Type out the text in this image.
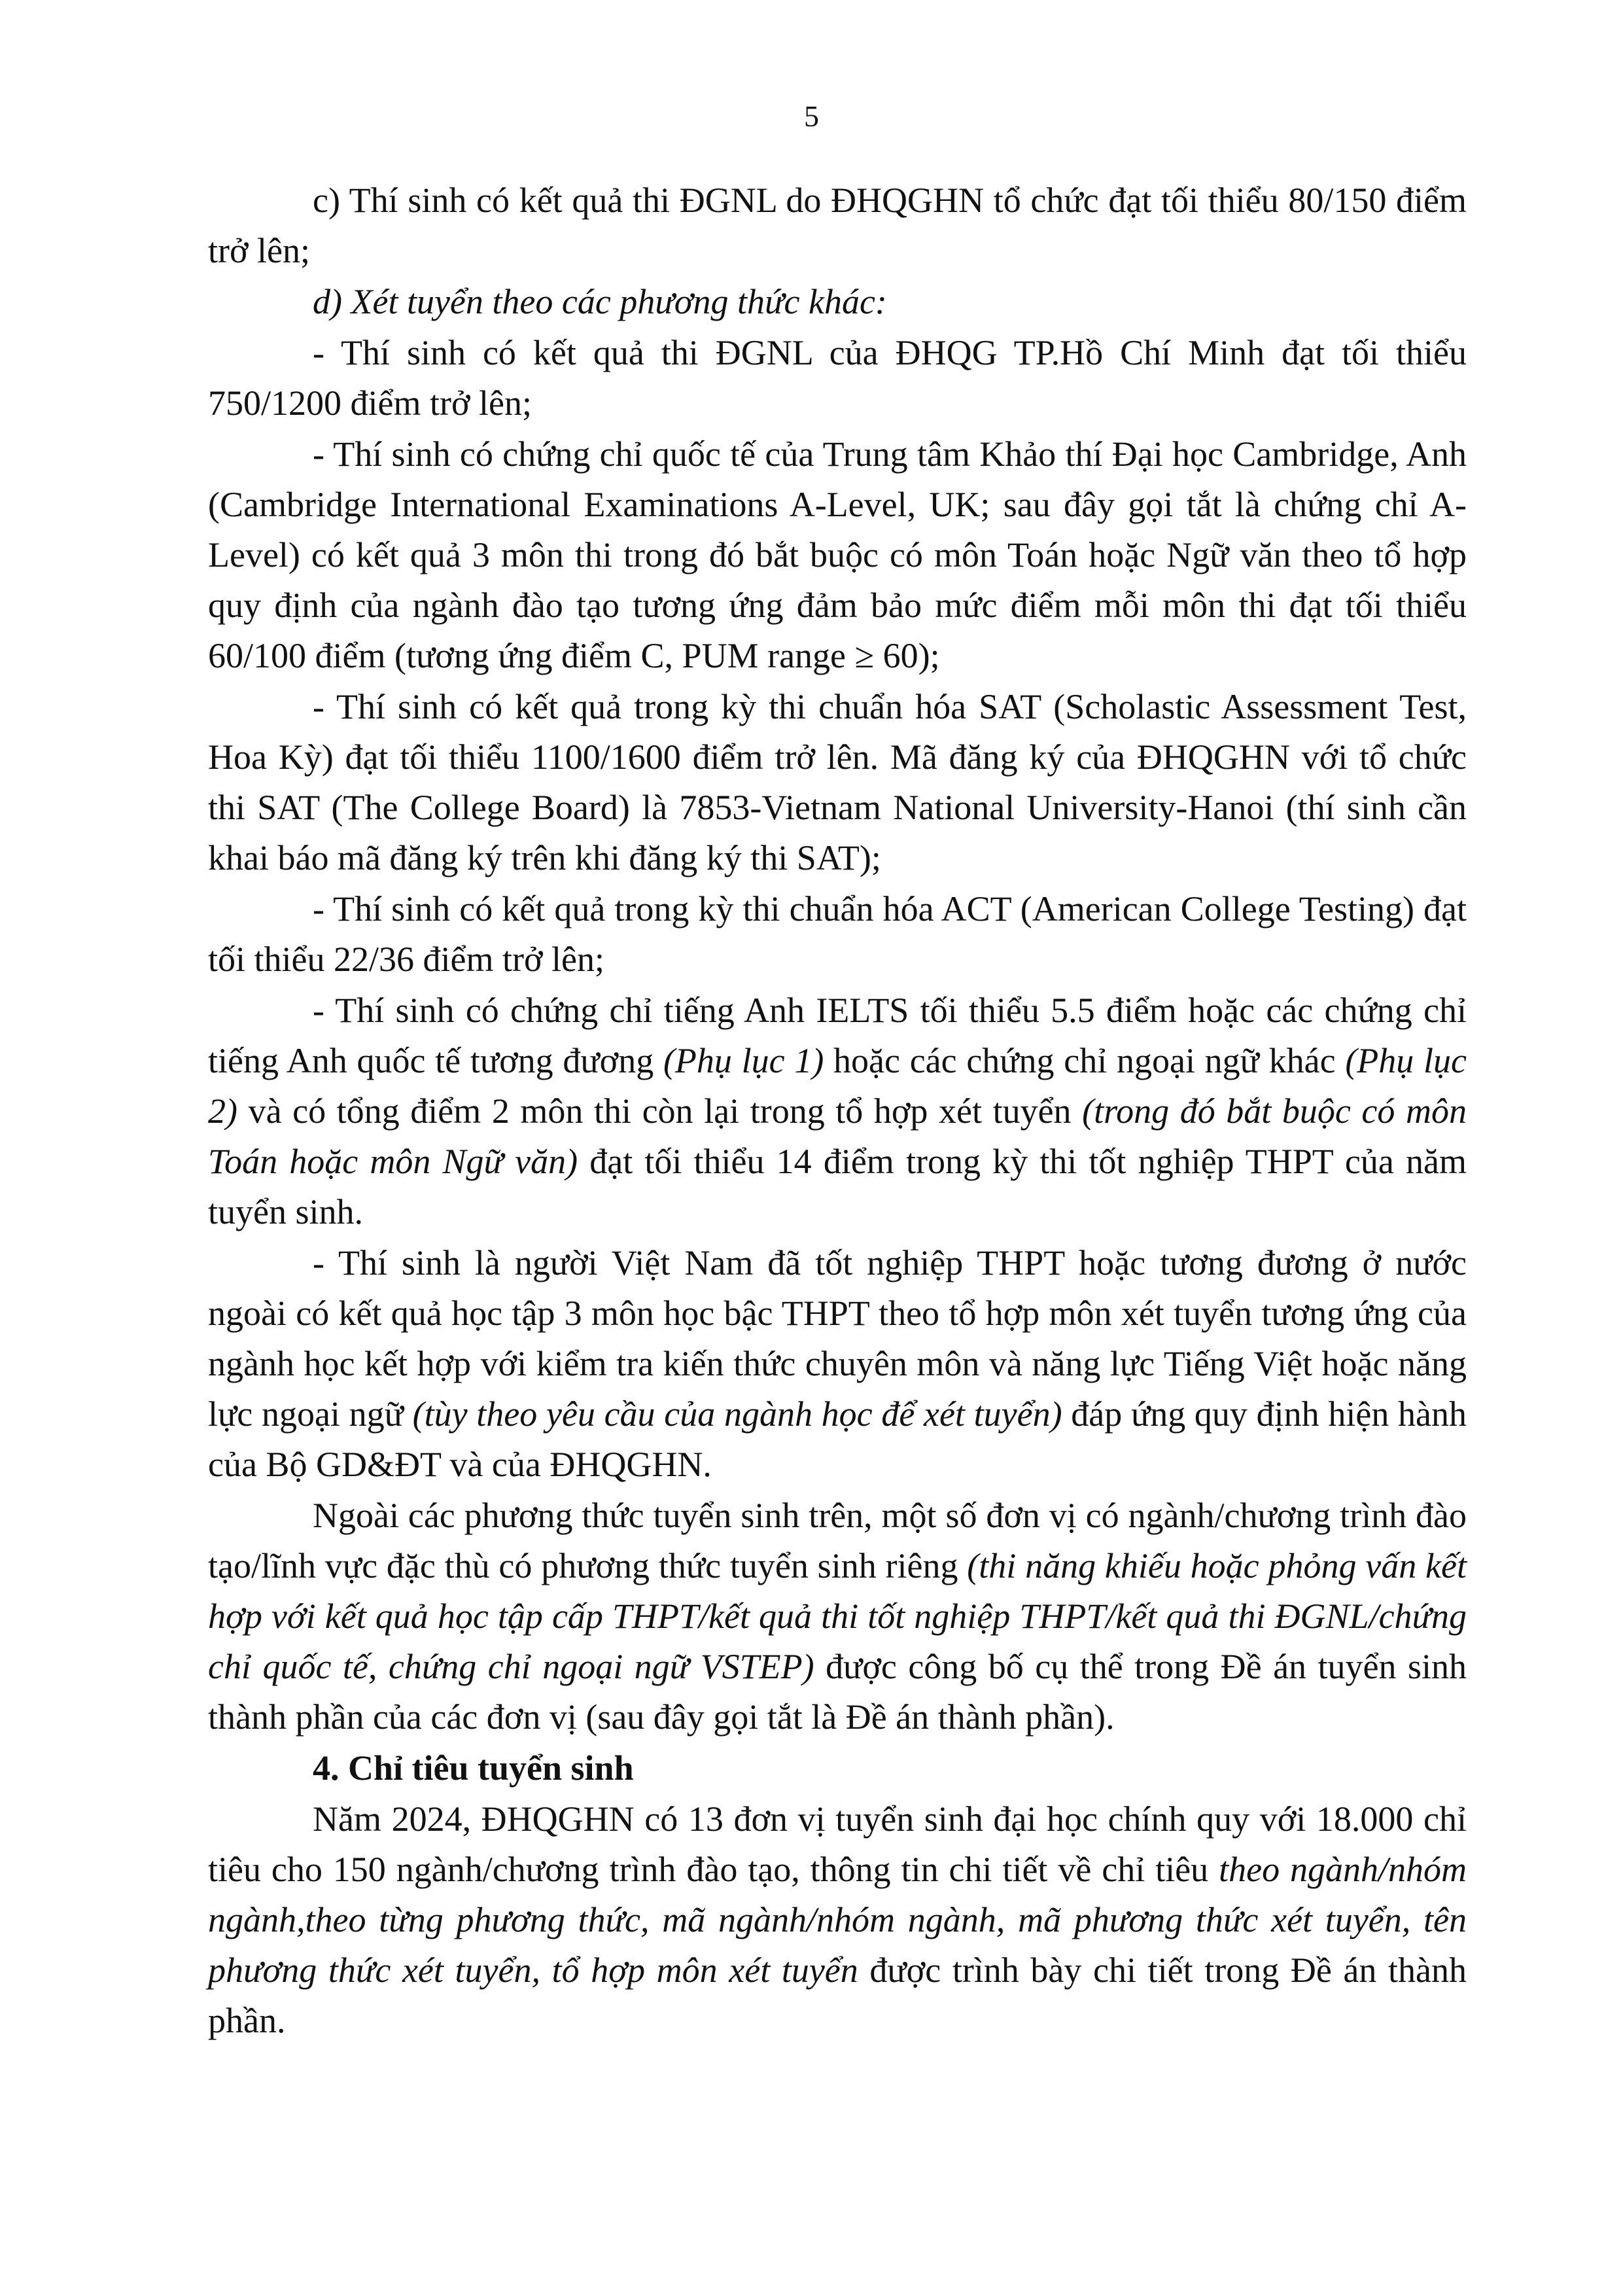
5

c) Thí sinh có kết quả thi ĐGNL do ĐHQGHN tổ chức đạt tối thiểu 80/150 điểm trở lên;

d) Xét tuyển theo các phương thức khác:

- Thí sinh có kết quả thi ĐGNL của ĐHQG TP.Hồ Chí Minh đạt tối thiểu 750/1200 điểm trở lên;

- Thí sinh có chứng chỉ quốc tế của Trung tâm Khảo thí Đại học Cambridge, Anh (Cambridge International Examinations A-Level, UK; sau đây gọi tắt là chứng chỉ A-Level) có kết quả 3 môn thi trong đó bắt buộc có môn Toán hoặc Ngữ văn theo tổ hợp quy định của ngành đào tạo tương ứng đảm bảo mức điểm mỗi môn thi đạt tối thiểu 60/100 điểm (tương ứng điểm C, PUM range ≥ 60);

- Thí sinh có kết quả trong kỳ thi chuẩn hóa SAT (Scholastic Assessment Test, Hoa Kỳ) đạt tối thiểu 1100/1600 điểm trở lên. Mã đăng ký của ĐHQGHN với tổ chức thi SAT (The College Board) là 7853-Vietnam National University-Hanoi (thí sinh cần khai báo mã đăng ký trên khi đăng ký thi SAT);

- Thí sinh có kết quả trong kỳ thi chuẩn hóa ACT (American College Testing) đạt tối thiểu 22/36 điểm trở lên;

- Thí sinh có chứng chỉ tiếng Anh IELTS tối thiểu 5.5 điểm hoặc các chứng chỉ tiếng Anh quốc tế tương đương (Phụ lục 1) hoặc các chứng chỉ ngoại ngữ khác (Phụ lục 2) và có tổng điểm 2 môn thi còn lại trong tổ hợp xét tuyển (trong đó bắt buộc có môn Toán hoặc môn Ngữ văn) đạt tối thiểu 14 điểm trong kỳ thi tốt nghiệp THPT của năm tuyển sinh.

- Thí sinh là người Việt Nam đã tốt nghiệp THPT hoặc tương đương ở nước ngoài có kết quả học tập 3 môn học bậc THPT theo tổ hợp môn xét tuyển tương ứng của ngành học kết hợp với kiểm tra kiến thức chuyên môn và năng lực Tiếng Việt hoặc năng lực ngoại ngữ (tùy theo yêu cầu của ngành học để xét tuyển) đáp ứng quy định hiện hành của Bộ GD&ĐT và của ĐHQGHN.

Ngoài các phương thức tuyển sinh trên, một số đơn vị có ngành/chương trình đào tạo/lĩnh vực đặc thù có phương thức tuyển sinh riêng (thi năng khiếu hoặc phỏng vấn kết hợp với kết quả học tập cấp THPT/kết quả thi tốt nghiệp THPT/kết quả thi ĐGNL/chứng chỉ quốc tế, chứng chỉ ngoại ngữ VSTEP) được công bố cụ thể trong Đề án tuyển sinh thành phần của các đơn vị (sau đây gọi tắt là Đề án thành phần).

4. Chỉ tiêu tuyển sinh

Năm 2024, ĐHQGHN có 13 đơn vị tuyển sinh đại học chính quy với 18.000 chỉ tiêu cho 150 ngành/chương trình đào tạo, thông tin chi tiết về chỉ tiêu theo ngành/nhóm ngành,theo từng phương thức, mã ngành/nhóm ngành, mã phương thức xét tuyển, tên phương thức xét tuyển, tổ hợp môn xét tuyển được trình bày chi tiết trong Đề án thành phần.
